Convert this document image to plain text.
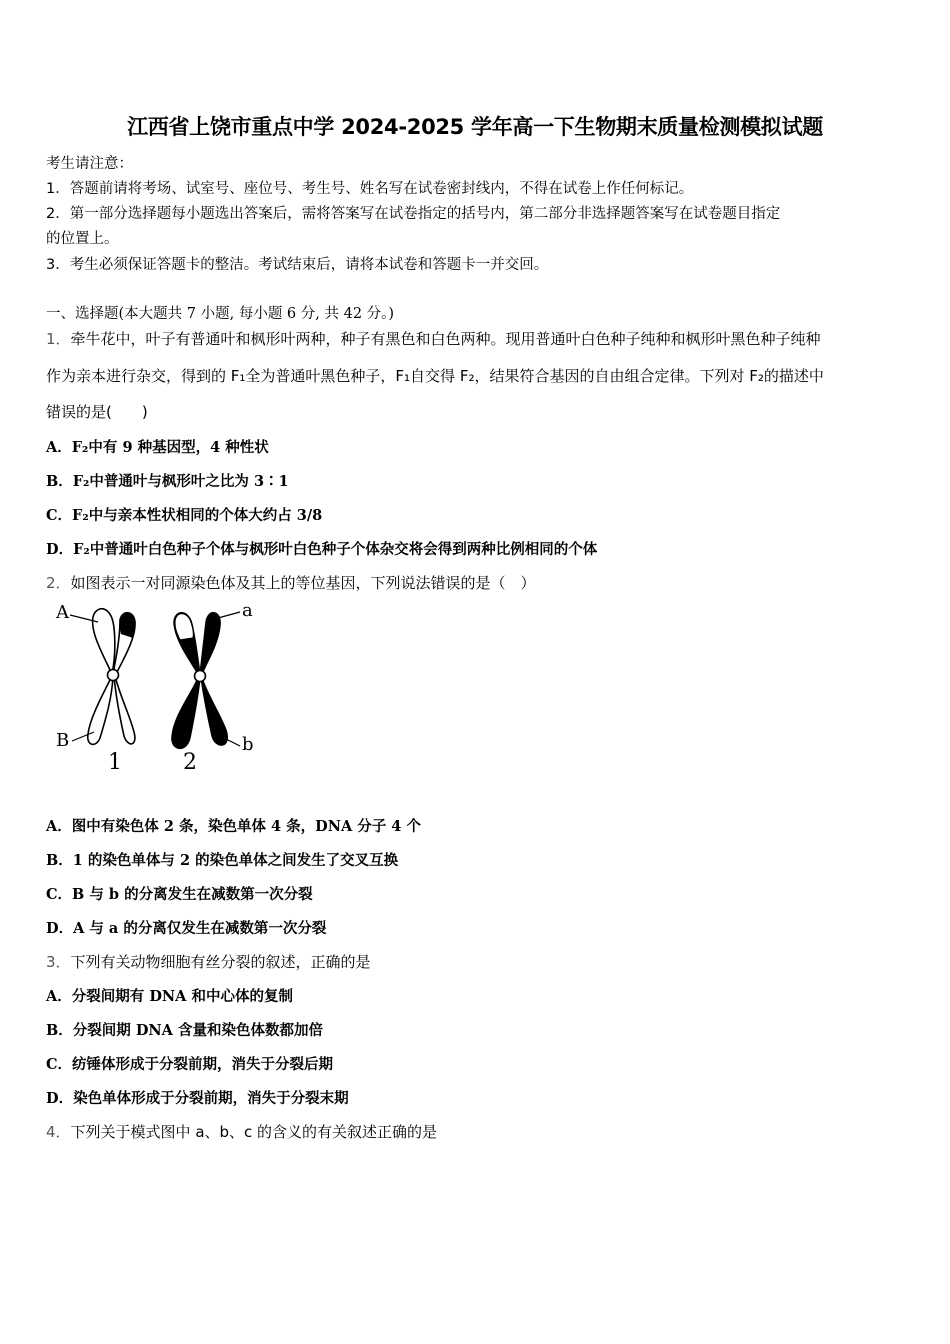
江西省上饶市重点中学 2024-2025 学年高一下生物期末质量检测模拟试题
考生请注意：
1．答题前请将考场、试室号、座位号、考生号、姓名写在试卷密封线内，不得在试卷上作任何标记。
2．第一部分选择题每小题选出答案后，需将答案写在试卷指定的括号内，第二部分非选择题答案写在试卷题目指定
的位置上。
3．考生必须保证答题卡的整洁。考试结束后，请将本试卷和答题卡一并交回。
一、选择题(本大题共 7 小题, 每小题 6 分, 共 42 分。)
1．牵牛花中，叶子有普通叶和枫形叶两种，种子有黑色和白色两种。现用普通叶白色种子纯种和枫形叶黑色种子纯种
作为亲本进行杂交，得到的 F₁全为普通叶黑色种子，F₁自交得 F₂，结果符合基因的自由组合定律。下列对 F₂的描述中
错误的是(　　)
A．F₂中有 9 种基因型，4 种性状
B．F₂中普通叶与枫形叶之比为 3∶1
C．F₂中与亲本性状相同的个体大约占 3/8
D．F₂中普通叶白色种子个体与枫形叶白色种子个体杂交将会得到两种比例相同的个体
2．如图表示一对同源染色体及其上的等位基因，下列说法错误的是（　）
A
B
a
b
1	2
A．图中有染色体 2 条，染色单体 4 条，DNA 分子 4 个
B．1 的染色单体与 2 的染色单体之间发生了交叉互换
C．B 与 b 的分离发生在减数第一次分裂
D．A 与 a 的分离仅发生在减数第一次分裂
3．下列有关动物细胞有丝分裂的叙述，正确的是
A．分裂间期有 DNA 和中心体的复制
B．分裂间期 DNA 含量和染色体数都加倍
C．纺锤体形成于分裂前期，消失于分裂后期
D．染色单体形成于分裂前期，消失于分裂末期
4．下列关于模式图中 a、b、c 的含义的有关叙述正确的是
